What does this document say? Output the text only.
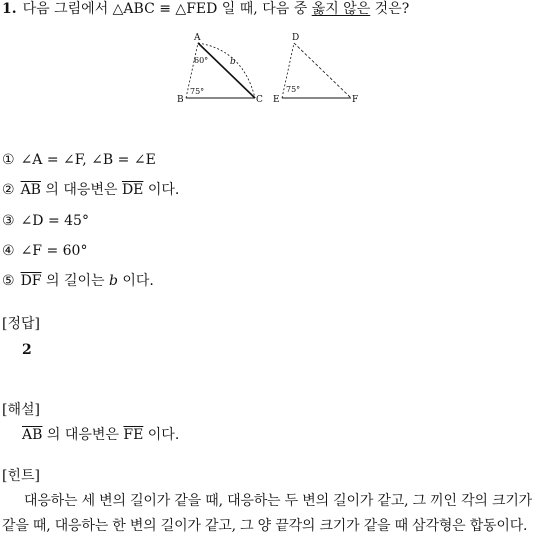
1. 다음 그림에서 △ABC ≡ △FED 일 때, 다음 중 옳지 않은 것은?
A
B	C
60°
75°
b
D
E	F
75°
① ∠A = ∠F, ∠B = ∠E
② $\overline{AB}$ 의 대응변은 $\overline{DE}$ 이다.
③ ∠D = 45°
④ ∠F = 60°
⑤ $\overline{DF}$ 의 길이는 b 이다.
[정답]
2
[해설]
$\overline{AB}$ 의 대응변은 $\overline{FE}$ 이다.
[힌트]
대응하는 세 변의 길이가 같을 때, 대응하는 두 변의 길이가 같고, 그 끼인 각의 크기가 같을 때, 대응하는 한 변의 길이가 같고, 그 양 끝각의 크기가 같을 때 삼각형은 합동이다.
